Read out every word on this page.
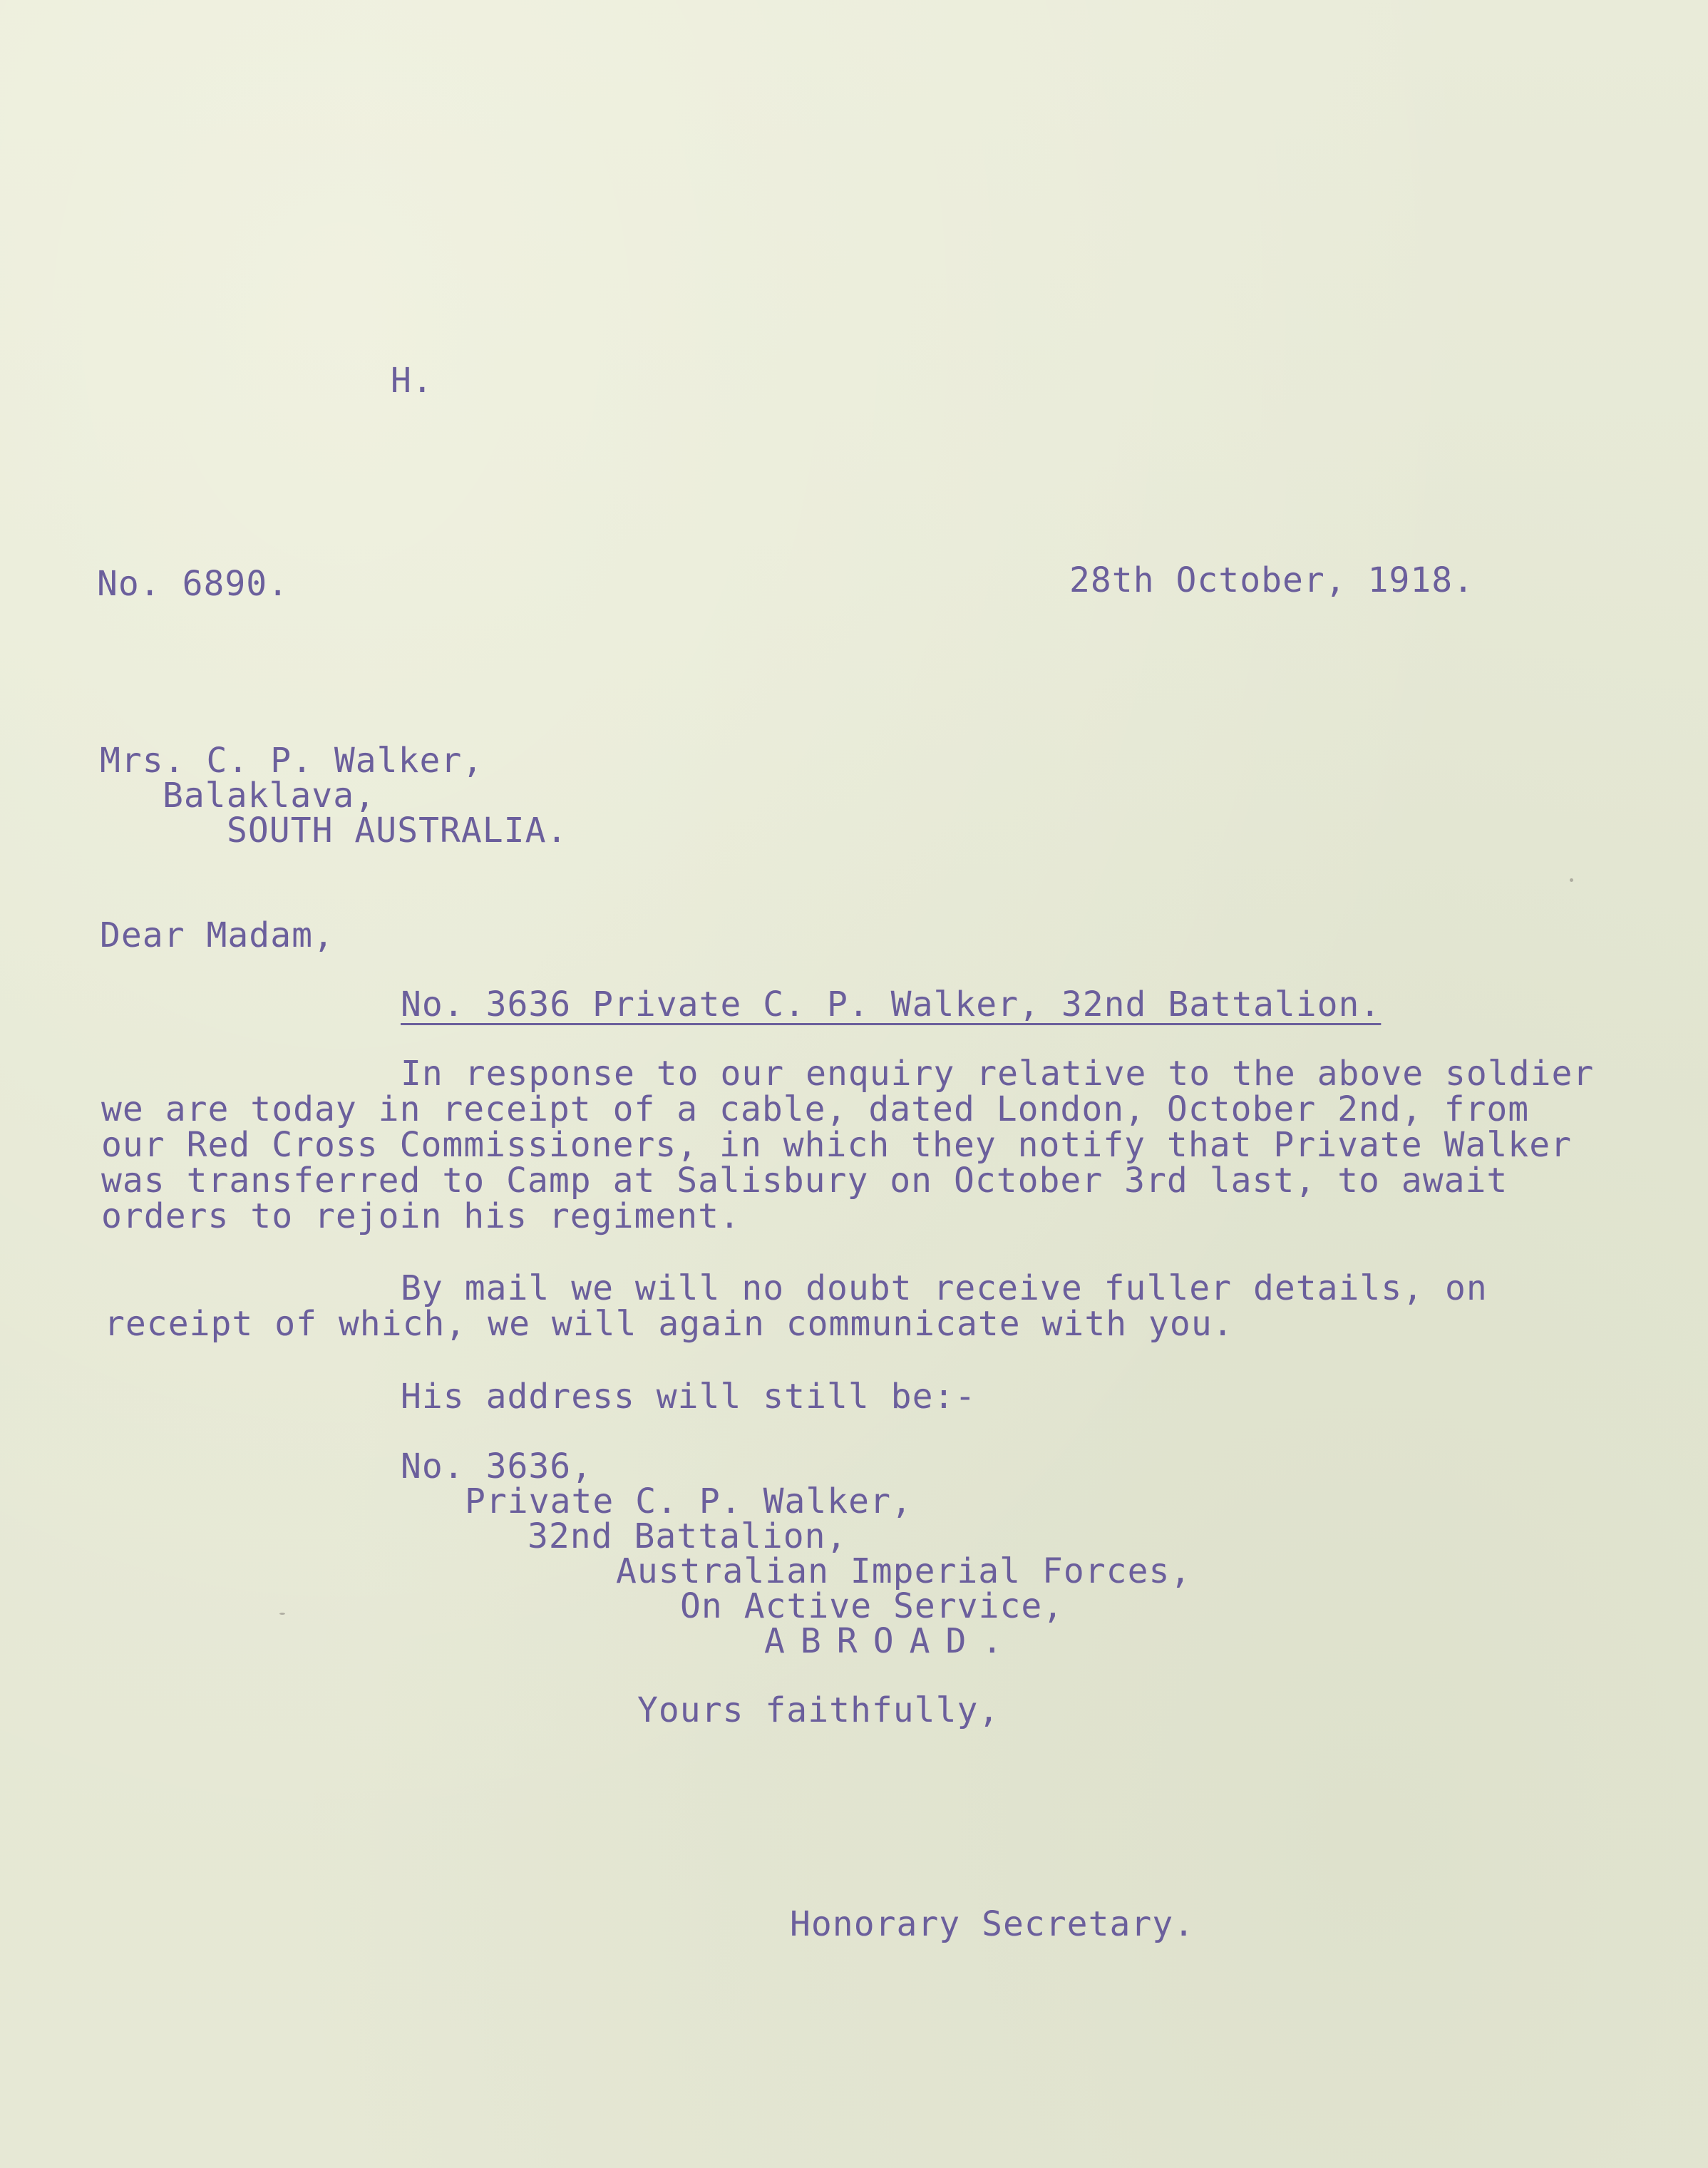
H.
No. 6890.	28th October, 1918.
Mrs. C. P. Walker,
Balaklava,
SOUTH AUSTRALIA.
Dear Madam,
No. 3636 Private C. P. Walker, 32nd Battalion.
In response to our enquiry relative to the above soldier
we are today in receipt of a cable, dated London, October 2nd, from
our Red Cross Commissioners, in which they notify that Private Walker
was transferred to Camp at Salisbury on October 3rd last, to await
orders to rejoin his regiment.
By mail we will no doubt receive fuller details, on
receipt of which, we will again communicate with you.
His address will still be:-
No. 3636,
Private C. P. Walker,
32nd Battalion,
Australian Imperial Forces,
On Active Service,
ABROAD.
Yours faithfully,
Honorary Secretary.
